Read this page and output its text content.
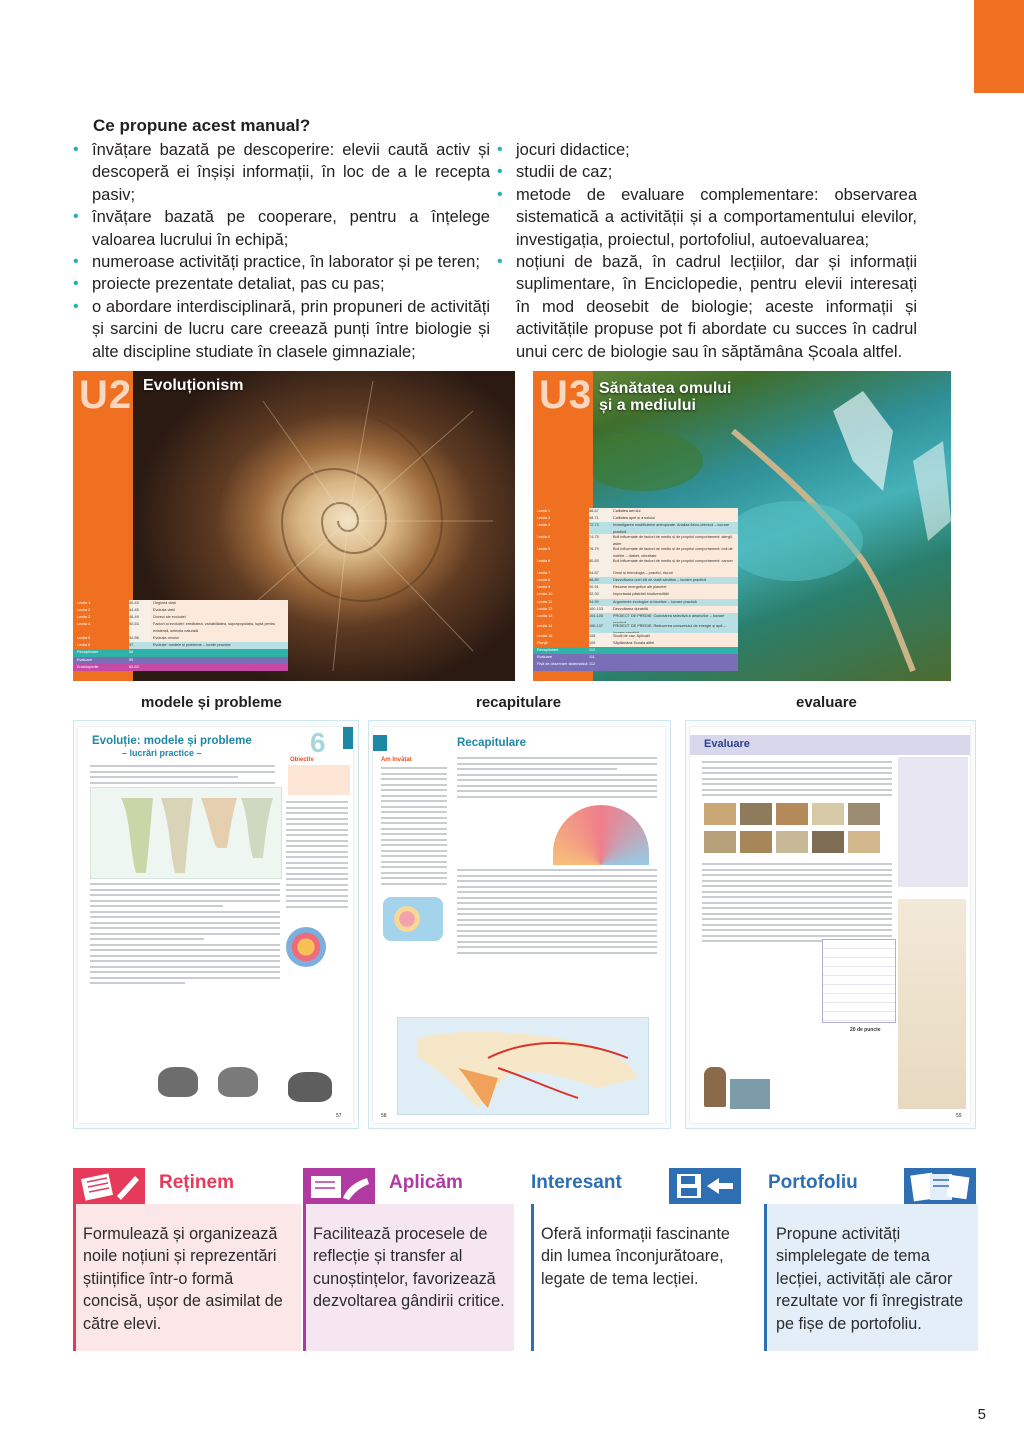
Ce propune acest manual?
• învățare bazată pe descoperire: elevii caută activ și descoperă ei înșiși informații, în loc de a le recepta pasiv;
• învățare bazată pe cooperare, pentru a înțelege valoarea lucrului în echipă;
• numeroase activități practice, în laborator și pe teren;
• proiecte prezentate detaliat, pas cu pas;
• o abordare interdisciplinară, prin propuneri de activități și sarcini de lucru care creează punți între biologie și alte discipline studiate în clasele gimnaziale;
• jocuri didactice;
• studii de caz;
• metode de evaluare complementare: observarea sistematică a activității și a comportamentului elevilor, investigația, proiectul, portofoliul, autoevaluarea;
• noțiuni de bază, în cadrul lecțiilor, dar și informații suplimentare, în Enciclopedie, pentru elevii interesați în mod deosebit de biologie; aceste informații și activitățile propuse pot fi abordate cu succes în cadrul unui cerc de biologie sau în săptămâna Școala altfel.
U2 Evoluționism
Lecția 1	40-43	Originea vieții
Lecția 2	44-45	Evoluția vieții
Lecția 3	46-49	Dovezi ale evoluției
Lecția 4	50-53	Factori ai evoluției: ereditatea, variabilitatea, suprapopulația, lupta pentru existență, selecția naturală
Lecția 5	54-56	Evoluția omului
Lecția 6	57	Evoluție: modele și probleme – lucrări practice
Recapitulare	58
Evaluare	59
Enciclopedie	60-63
U3 Sănătatea omului și a mediului
Lecția 1	66-67	Calitatea aerului
Lecția 2	68-71	Calitatea apei și a solului
Lecția 3	72-73	Investigarea modificărilor antropizate. Analiza fizico-chimică – lucrare practică
Lecția 4	74-75	Boli influențate de factori de mediu și de propriul comportament: alergii, astm
Lecția 5	76-79	Boli influențate de factori de mediu și de propriul comportament: boli de nutriție – diabet, obezitate
Lecția 6	80-83	Boli influențate de factori de mediu și de propriul comportament: cancer
Lecția 7	84-87	Omul și tehnologia – practici, riscuri
Lecția 8	88-89	Dezvoltarea unei stil de viață sănătos – lucrare practică
Lecția 9	90-91	Resurse energetice ale planetei
Lecția 10	92-93	Importanța păstrării biodiversității
Lecția 11	94-99	Argumente ecologice și bioetice – lucrare practică
Lecția 12	100-103	Dezvoltarea durabilă
Lecția 13	104-105	PROIECT DE PREDIE: Colectarea selectivă a deșeurilor – lucrare
Lecția 14	106-107	PROIECT DE PREDIE: Reducerea consumului de energie și apă –
Lecția 15	108	Studii de caz. Aplicații
Plonjă	109	Săptămâna Școala altfel
Recapitulare	110
Evaluare	111
Fișă de observare sistematică 112
modele și probleme	recapitulare	evaluare
Evoluție: modele și probleme
– lucrări practice –	6
Obiectiv
57
Recapitulare
Am învățat
58
Evaluare
20 de puncte
59
Reținem
Formulează și organizează noile noțiuni și reprezentări științifice într-o formă concisă, ușor de asimilat de către elevi.
Aplicăm
Facilitează procesele de reflecție și transfer al cunoștințelor, favorizează dezvoltarea gândirii critice.
Interesant
Oferă informații fascinante din lumea înconjurătoare, legate de tema lecției.
Portofoliu
Propune activități simplelegate de tema lecției, activități ale căror rezultate vor fi înregistrate pe fișe de portofoliu.
5
